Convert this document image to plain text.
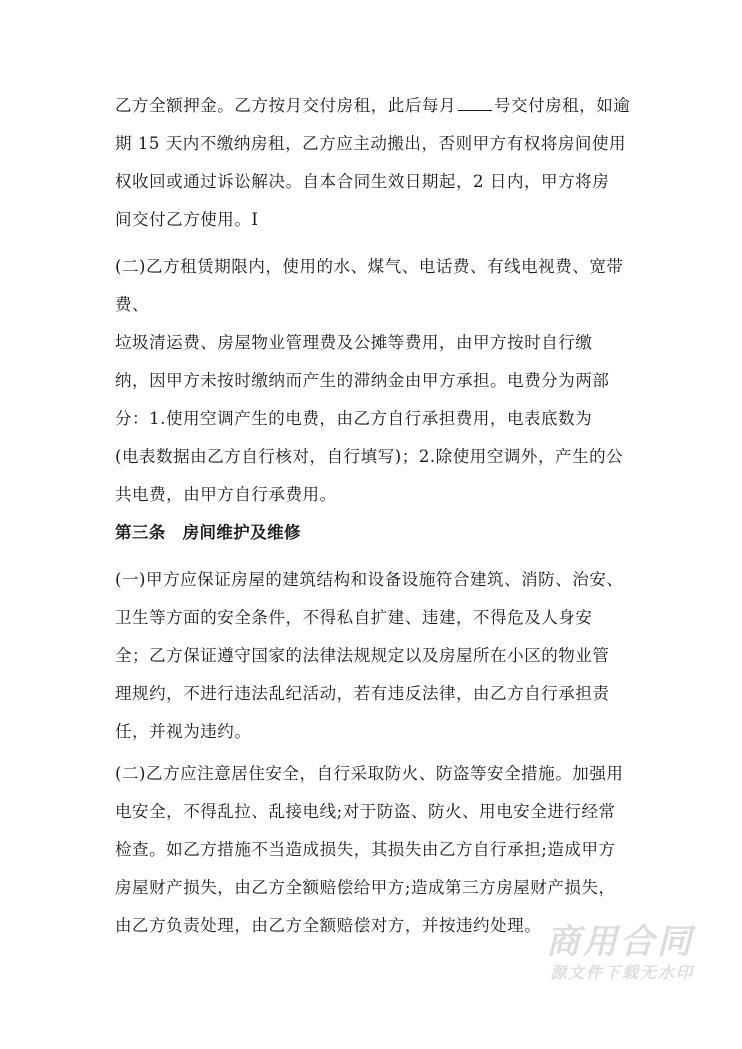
乙方全额押金。乙方按月交付房租，此后每月 号交付房租，如逾
期 15 天内不缴纳房租，乙方应主动搬出，否则甲方有权将房间使用
权收回或通过诉讼解决。自本合同生效日期起，2 日内，甲方将房
间交付乙方使用。I
(二)乙方租赁期限内，使用的水、煤气、电话费、有线电视费、宽带
费、
垃圾清运费、房屋物业管理费及公摊等费用，由甲方按时自行缴
纳，因甲方未按时缴纳而产生的滞纳金由甲方承担。电费分为两部
分：1.使用空调产生的电费，由乙方自行承担费用，电表底数为
(电表数据由乙方自行核对，自行填写)；2.除使用空调外，产生的公
共电费，由甲方自行承费用。
第三条　房间维护及维修
(一)甲方应保证房屋的建筑结构和设备设施符合建筑、消防、治安、
卫生等方面的安全条件，不得私自扩建、违建，不得危及人身安
全；乙方保证遵守国家的法律法规规定以及房屋所在小区的物业管
理规约，不进行违法乱纪活动，若有违反法律，由乙方自行承担责
任，并视为违约。
(二)乙方应注意居住安全，自行采取防火、防盗等安全措施。加强用
电安全，不得乱拉、乱接电线;对于防盗、防火、用电安全进行经常
检查。如乙方措施不当造成损失，其损失由乙方自行承担;造成甲方
房屋财产损失，由乙方全额赔偿给甲方;造成第三方房屋财产损失，
由乙方负责处理，由乙方全额赔偿对方，并按违约处理。 商用合同
源文件下载无水印
